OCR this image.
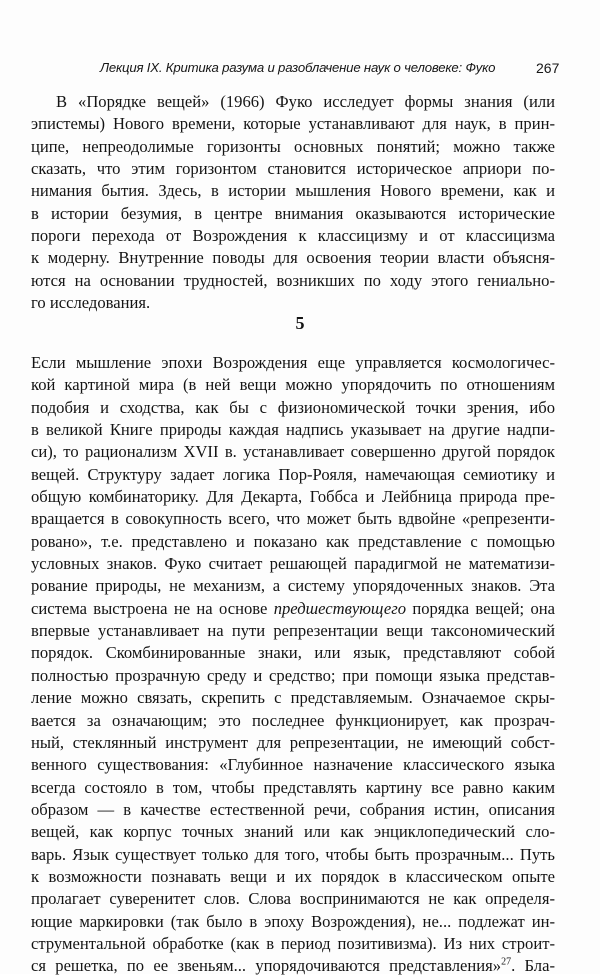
Лекция IX. Критика разума и разоблачение наук о человеке: Фуко	267
В «Порядке вещей» (1966) Фуко исследует формы знания (или
эпистемы) Нового времени, которые устанавливают для наук, в прин-
ципе, непреодолимые горизонты основных понятий; можно также
сказать, что этим горизонтом становится историческое априори по-
нимания бытия. Здесь, в истории мышления Нового времени, как и
в истории безумия, в центре внимания оказываются исторические
пороги перехода от Возрождения к классицизму и от классицизма
к модерну. Внутренние поводы для освоения теории власти объясня-
ются на основании трудностей, возникших по ходу этого гениально-
го исследования.
5
Если мышление эпохи Возрождения еще управляется космологичес-
кой картиной мира (в ней вещи можно упорядочить по отношениям
подобия и сходства, как бы с физиономической точки зрения, ибо
в великой Книге природы каждая надпись указывает на другие надпи-
си), то рационализм XVII в. устанавливает совершенно другой порядок
вещей. Структуру задает логика Пор-Рояля, намечающая семиотику и
общую комбинаторику. Для Декарта, Гоббса и Лейбница природа пре-
вращается в совокупность всего, что может быть вдвойне «репрезенти-
ровано», т.е. представлено и показано как представление с помощью
условных знаков. Фуко считает решающей парадигмой не математизи-
рование природы, не механизм, а систему упорядоченных знаков. Эта
система выстроена не на основе предшествующего порядка вещей; она
впервые устанавливает на пути репрезентации вещи таксономический
порядок. Скомбинированные знаки, или язык, представляют собой
полностью прозрачную среду и средство; при помощи языка представ-
ление можно связать, скрепить с представляемым. Означаемое скры-
вается за означающим; это последнее функционирует, как прозрач-
ный, стеклянный инструмент для репрезентации, не имеющий собст-
венного существования: «Глубинное назначение классического языка
всегда состояло в том, чтобы представлять картину все равно каким
образом — в качестве естественной речи, собрания истин, описания
вещей, как корпус точных знаний или как энциклопедический сло-
варь. Язык существует только для того, чтобы быть прозрачным... Путь
к возможности познавать вещи и их порядок в классическом опыте
пролагает суверенитет слов. Слова воспринимаются не как определя-
ющие маркировки (так было в эпоху Возрождения), не... подлежат ин-
струментальной обработке (как в период позитивизма). Из них строит-
ся решетка, по ее звеньям... упорядочиваются представления»$^{27}$. Бла-
